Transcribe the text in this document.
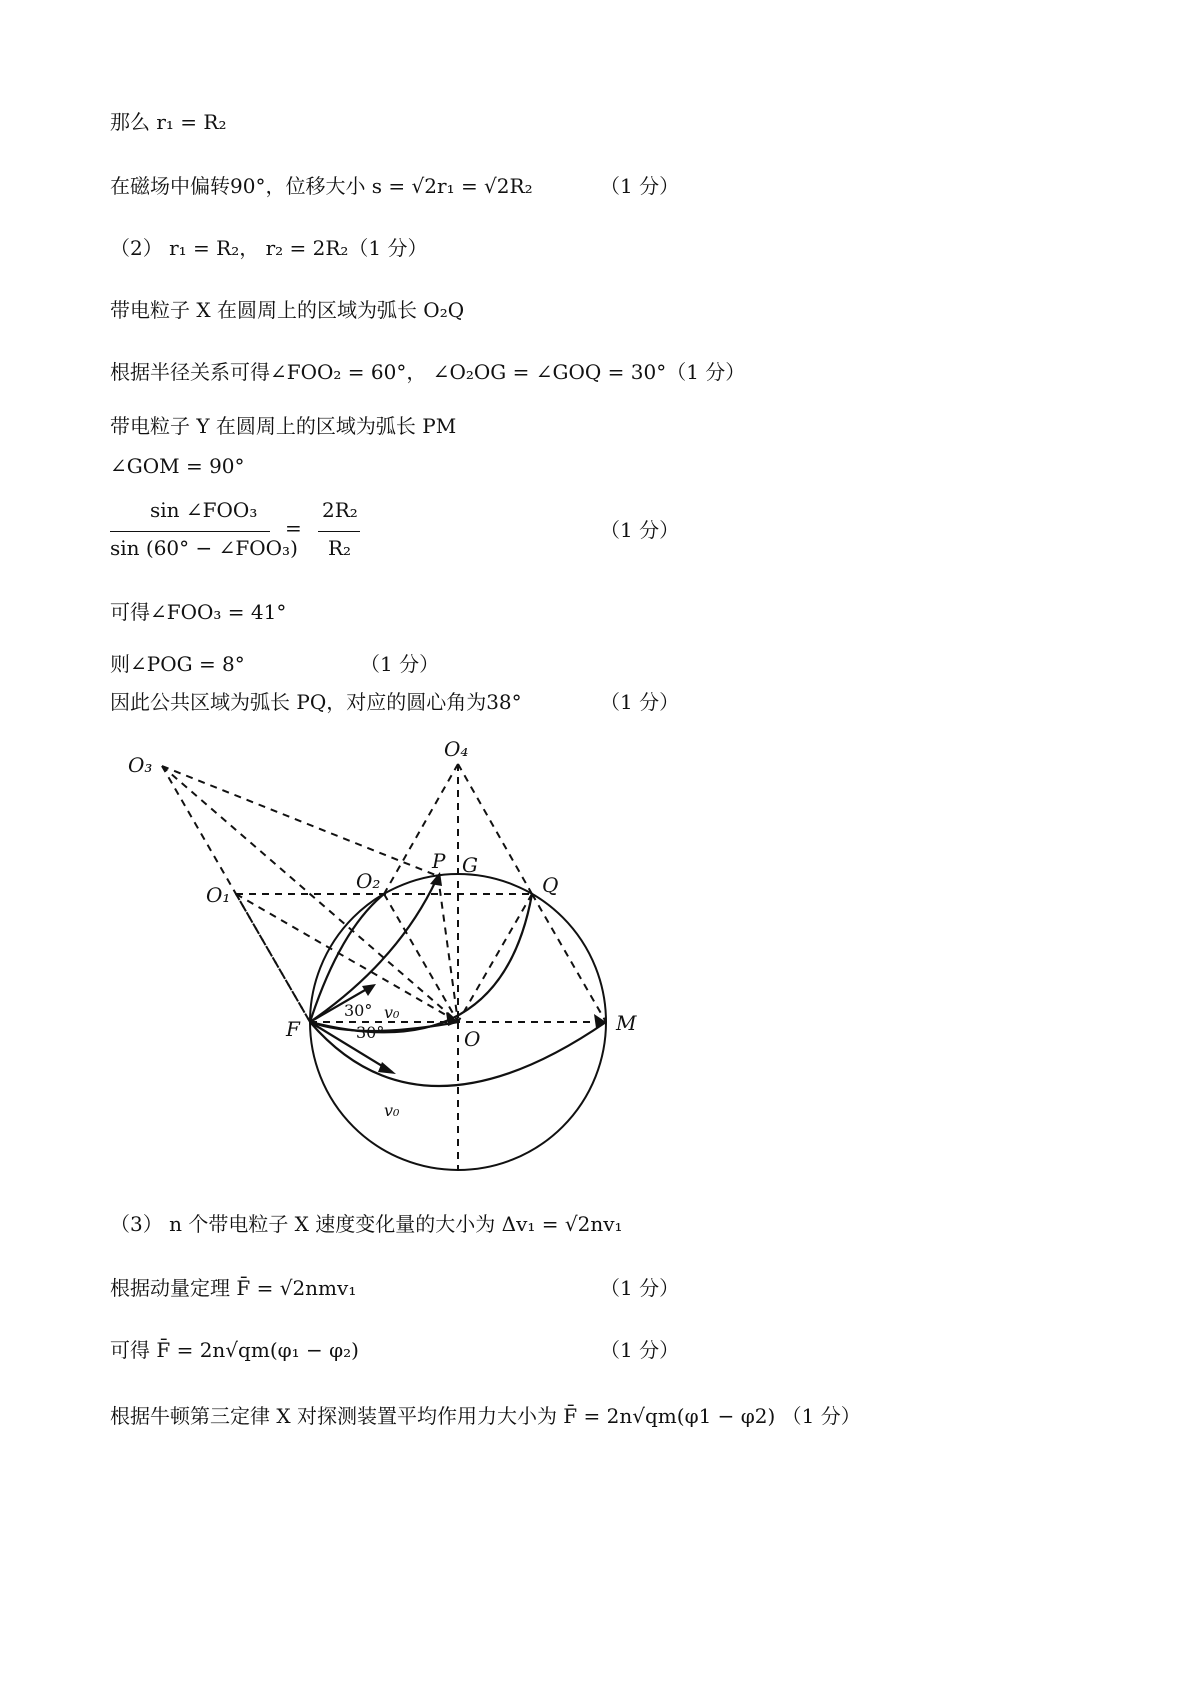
那么 r₁ = R₂
在磁场中偏转90°，位移大小 s = √2r₁ = √2R₂	（1 分）
（2） r₁ = R₂， r₂ = 2R₂（1 分）
带电粒子 X 在圆周上的区域为弧长 O₂Q
根据半径关系可得∠FOO₂ = 60°， ∠O₂OG = ∠GOQ = 30°（1 分）
带电粒子 Y 在圆周上的区域为弧长 PM
∠GOM = 90°
sin ∠FOO₃
sin (60° − ∠FOO₃)
=
2R₂
R₂
（1 分）
可得∠FOO₃ = 41°
则∠POG = 8°	（1 分）
因此公共区域为弧长 PQ，对应的圆心角为38°	（1 分）
O₃
O₄
O₁
O₂
P G
Q
F	O
M
v₀
v₀
30°
30°
（3） n 个带电粒子 X 速度变化量的大小为 Δv₁ = √2nv₁
根据动量定理 F̄ = √2nmv₁	（1 分）
可得 F̄ = 2n√qm(φ₁ − φ₂)	（1 分）
根据牛顿第三定律 X 对探测装置平均作用力大小为 F̄ = 2n√qm(φ1 − φ2) （1 分）
